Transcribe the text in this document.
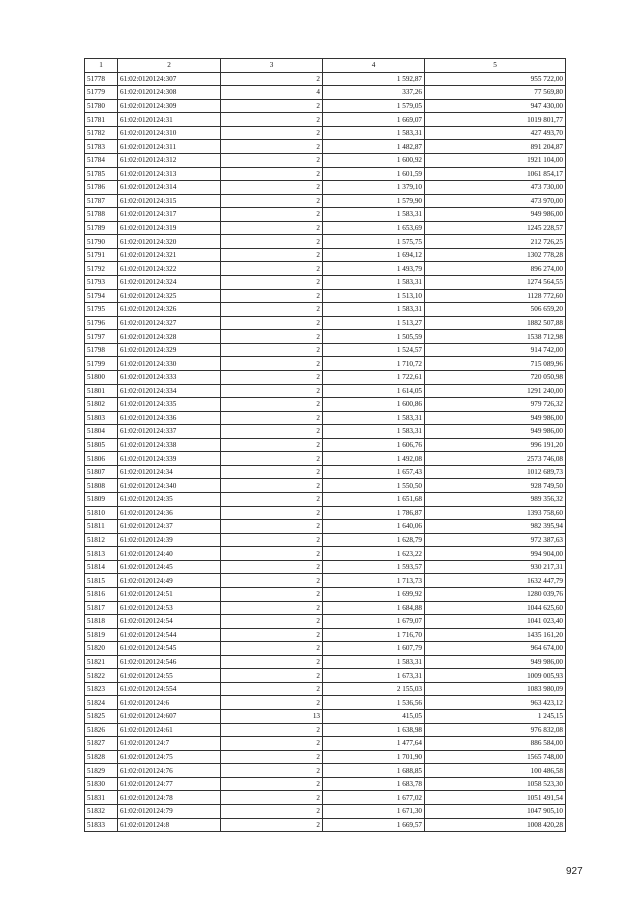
1	2	3	4	5
51778	61:02:0120124:307	2	1 592,87	955 722,00
51779	61:02:0120124:308	4	337,26	77 569,80
51780	61:02:0120124:309	2	1 579,05	947 430,00
51781	61:02:0120124:31	2	1 669,07	1019 801,77
51782	61:02:0120124:310	2	1 583,31	427 493,70
51783	61:02:0120124:311	2	1 482,87	891 204,87
51784	61:02:0120124:312	2	1 600,92	1921 104,00
51785	61:02:0120124:313	2	1 601,59	1061 854,17
51786	61:02:0120124:314	2	1 379,10	473 730,00
51787	61:02:0120124:315	2	1 579,90	473 970,00
51788	61:02:0120124:317	2	1 583,31	949 986,00
51789	61:02:0120124:319	2	1 653,69	1245 228,57
51790	61:02:0120124:320	2	1 575,75	212 726,25
51791	61:02:0120124:321	2	1 694,12	1302 778,28
51792	61:02:0120124:322	2	1 493,79	896 274,00
51793	61:02:0120124:324	2	1 583,31	1274 564,55
51794	61:02:0120124:325	2	1 513,10	1128 772,60
51795	61:02:0120124:326	2	1 583,31	506 659,20
51796	61:02:0120124:327	2	1 513,27	1882 507,88
51797	61:02:0120124:328	2	1 505,59	1538 712,98
51798	61:02:0120124:329	2	1 524,57	914 742,00
51799	61:02:0120124:330	2	1 710,72	715 089,96
51800	61:02:0120124:333	2	1 722,61	720 050,98
51801	61:02:0120124:334	2	1 614,05	1291 240,00
51802	61:02:0120124:335	2	1 600,86	979 726,32
51803	61:02:0120124:336	2	1 583,31	949 986,00
51804	61:02:0120124:337	2	1 583,31	949 986,00
51805	61:02:0120124:338	2	1 606,76	996 191,20
51806	61:02:0120124:339	2	1 492,08	2573 746,08
51807	61:02:0120124:34	2	1 657,43	1012 689,73
51808	61:02:0120124:340	2	1 550,50	928 749,50
51809	61:02:0120124:35	2	1 651,68	989 356,32
51810	61:02:0120124:36	2	1 786,87	1393 758,60
51811	61:02:0120124:37	2	1 640,06	982 395,94
51812	61:02:0120124:39	2	1 628,79	972 387,63
51813	61:02:0120124:40	2	1 623,22	994 904,00
51814	61:02:0120124:45	2	1 593,57	930 217,31
51815	61:02:0120124:49	2	1 713,73	1632 447,79
51816	61:02:0120124:51	2	1 699,92	1280 039,76
51817	61:02:0120124:53	2	1 684,88	1044 625,60
51818	61:02:0120124:54	2	1 679,07	1041 023,40
51819	61:02:0120124:544	2	1 716,70	1435 161,20
51820	61:02:0120124:545	2	1 607,79	964 674,00
51821	61:02:0120124:546	2	1 583,31	949 986,00
51822	61:02:0120124:55	2	1 673,31	1009 005,93
51823	61:02:0120124:554	2	2 155,03	1083 980,09
51824	61:02:0120124:6	2	1 536,56	963 423,12
51825	61:02:0120124:607	13	415,05	1 245,15
51826	61:02:0120124:61	2	1 638,98	976 832,08
51827	61:02:0120124:7	2	1 477,64	886 584,00
51828	61:02:0120124:75	2	1 701,90	1565 748,00
51829	61:02:0120124:76	2	1 688,85	100 486,58
51830	61:02:0120124:77	2	1 683,78	1058 523,30
51831	61:02:0120124:78	2	1 677,02	1051 491,54
51832	61:02:0120124:79	2	1 671,30	1047 905,10
51833	61:02:0120124:8	2	1 669,57	1008 420,28
927
